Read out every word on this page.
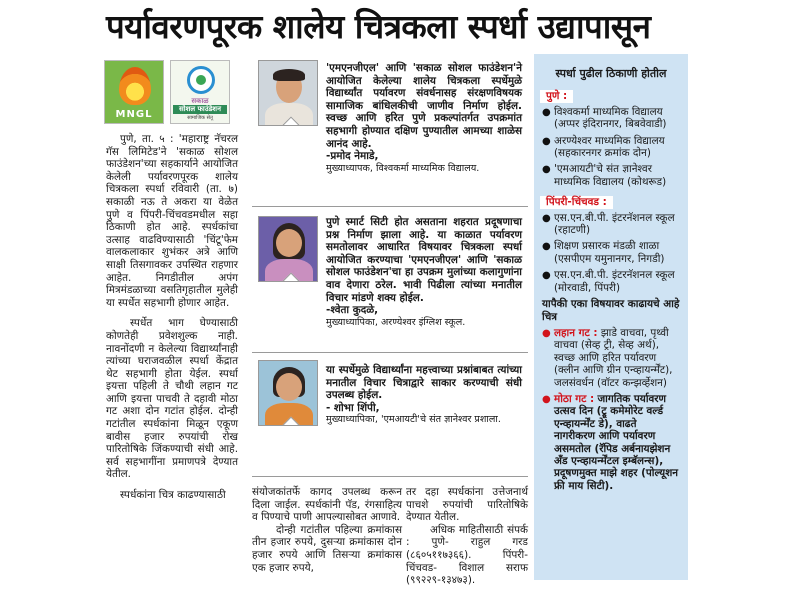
पर्यावरणपूरक शालेय चित्रकला स्पर्धा उद्यापासून
MNGL
सकाळ
सोशल फाउंडेशन
सामाजिक सेतू

पुणे, ता. ५ : 'महाराष्ट्र नॅचरल गॅस लिमिटेड'ने 'सकाळ सोशल फाउंडेशन'च्या सहकार्याने आयोजित केलेली पर्यावरणपूरक शालेय चित्रकला स्पर्धा रविवारी (ता. ७) सकाळी नऊ ते अकरा या वेळेत पुणे व पिंपरी-चिंचवडमधील सहा ठिकाणी होत आहे. स्पर्धकांचा उत्साह वाढविण्यासाठी 'चिंटू'फेम वालकलाकार शुभंकर अत्रे आणि साक्षी तिसगावकर उपस्थित राहणार आहेत. निगडीतील अपंग मित्रमंडळाच्या वसतिगृहातील मुलेही या स्पर्धेत सहभागी होणार आहेत.

स्पर्धेत भाग घेण्यासाठी कोणतेही प्रवेशशुल्क नाही. नावनोंदणी न केलेल्या विद्यार्थ्यांनाही त्यांच्या घराजवळील स्पर्धा केंद्रात थेट सहभागी होता येईल. स्पर्धा इयत्ता पहिली ते चौथी लहान गट आणि इयत्ता पाचवी ते दहावी मोठा गट अशा दोन गटांत होईल. दोन्ही गटांतील स्पर्धकांना मिळून एकूण बावीस हजार रुपयांची रोख पारितोषिके जिंकण्याची संधी आहे. सर्व सहभागींना प्रमाणपत्रे देण्यात येतील.

स्पर्धकांना चित्र काढण्यासाठी

'एमएनजीएल' आणि 'सकाळ सोशल फाउंडेशन'ने आयोजित केलेल्या शालेय चित्रकला स्पर्धेमुळे विद्यार्थ्यांत पर्यावरण संवर्धनासह संरक्षणविषयक सामाजिक बांधिलकीची जाणीव निर्माण होईल. स्वच्छ आणि हरित पुणे प्रकल्पांतर्गत उपक्रमांत सहभागी होण्यात दक्षिण पुण्यातील आमच्या शाळेस आनंद आहे.

-प्रमोद नेमाडे,

मुख्याध्यापक, विश्वकर्मा माध्यमिक विद्यालय.

पुणे स्मार्ट सिटी होत असताना शहरात प्रदूषणाचा प्रश्न निर्माण झाला आहे. या काळात पर्यावरण समतोलावर आधारित विषयावर चित्रकला स्पर्धा आयोजित करण्याचा 'एमएनजीएल' आणि 'सकाळ सोशल फाउंडेशन'चा हा उपक्रम मुलांच्या कलागुणांना वाव देणारा ठरेल. भावी पिढीला त्यांच्या मनातील विचार मांडणे शक्य होईल.

-श्वेता कुदळे,

मुख्याध्यापिका, अरण्येश्वर इंग्लिश स्कूल.

या स्पर्धेमुळे विद्यार्थ्यांना महत्त्वाच्या प्रश्नांबाबत त्यांच्या मनातील विचार चित्राद्वारे साकार करण्याची संधी उपलब्ध होईल.

- शोभा शिंपी,

मुख्याध्यापिका, 'एमआयटी'चे संत ज्ञानेश्वर प्रशाला.

संयोजकांतर्फे कागद उपलब्ध करून दिला जाईल. स्पर्धकांनी पॅड, रंगसाहित्य व पिण्याचे पाणी आपल्यासोबत आणावे.

दोन्ही गटांतील पहिल्या क्रमांकास तीन हजार रुपये, दुसऱ्या क्रमांकास दोन हजार रुपये आणि तिसऱ्या क्रमांकास एक हजार रुपये,

तर दहा स्पर्धकांना उत्तेजनार्थ पाचशे रुपयांची पारितोषिके देण्यात येतील.

अधिक माहितीसाठी संपर्क : पुणे- राहुल गरड (८६०५११७३६६). पिंपरी-चिंचवड- विशाल सराफ (९९२२९-१३४७३).

स्पर्धा पुढील ठिकाणी होतील
पुणे :
● विश्वकर्मा माध्यमिक विद्यालय (अप्पर इंदिरानगर, बिबवेवाडी)
● अरण्येश्वर माध्यमिक विद्यालय (सहकारनगर क्रमांक दोन)
● 'एमआयटी'चे संत ज्ञानेश्वर माध्यमिक विद्यालय (कोथरूड)
पिंपरी-चिंचवड :
● एस.एन.बी.पी. इंटरनॅशनल स्कूल (रहाटणी)
● शिक्षण प्रसारक मंडळी शाळा (एसपीएम यमुनानगर, निगडी)
● एस.एन.बी.पी. इंटरनॅशनल स्कूल (मोरवाडी, पिंपरी)
यापैकी एका विषयावर काढायचे आहे चित्र
● लहान गट : झाडे वाचवा, पृथ्वी वाचवा (सेव्ह ट्री, सेव्ह अर्थ), स्वच्छ आणि हरित पर्यावरण (क्लीन आणि ग्रीन एन्व्हायर्न्मेंट), जलसंवर्धन (वॉटर कन्झर्व्हेशन)
● मोठा गट : जागतिक पर्यावरण उत्सव दिन (ट्रू कमेमोरेट वर्ल्ड एन्व्हायर्न्मेंट डे), वाढते नागरीकरण आणि पर्यावरण असमतोल (रॅपिड अर्बनायझेशन अँड एन्व्हायर्न्मेंटल इम्बॅलन्स), प्रदूषणमुक्त माझे शहर (पोल्यूशन फ्री माय सिटी).
